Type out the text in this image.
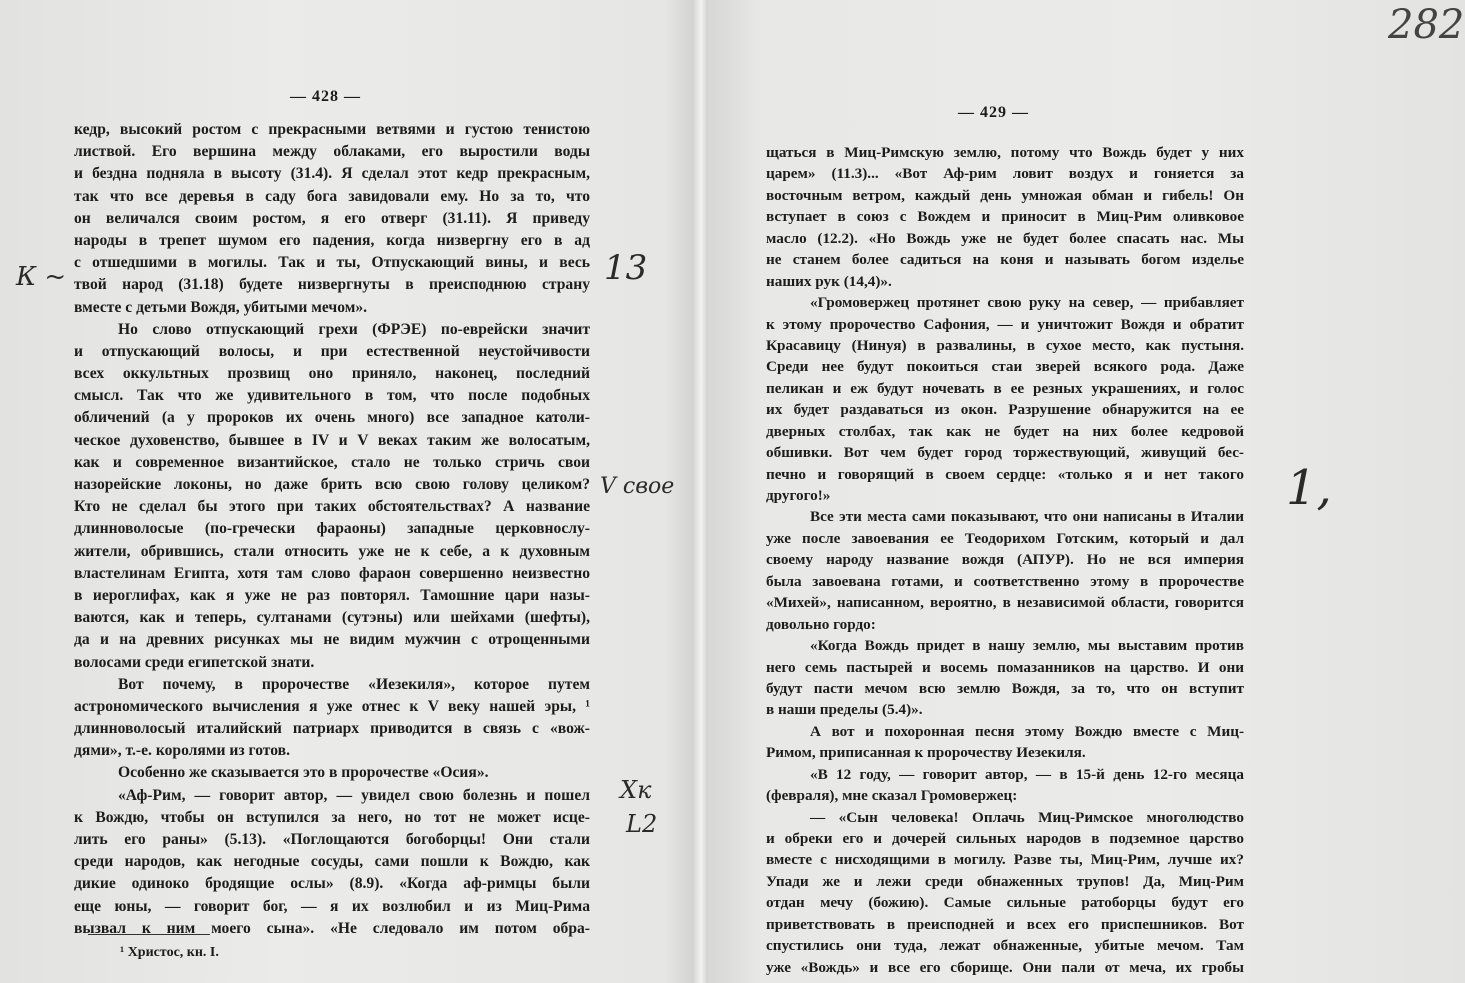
— 428 —
— 429 —
кедр, высокий ростом с прекрасными ветвями и густою тенистою
листвой. Его вершина между облаками, его выростили воды
и бездна подняла в высоту (31.4). Я сделал этот кедр прекрасным,
так что все деревья в саду бога завидовали ему. Но за то, что
он величался своим ростом, я его отверг (31.11). Я приведу
народы в трепет шумом его падения, когда низвергну его в ад
с отшедшими в могилы. Так и ты, Отпускающий вины, и весь
твой народ (31.18) будете низвергнуты в преисподнюю страну
вместе с детьми Вождя, убитыми мечом».
Но слово отпускающий грехи (ФРЭЕ) по-еврейски значит
и отпускающий волосы, и при естественной неустойчивости
всех оккультных прозвищ оно приняло, наконец, последний
смысл. Так что же удивительного в том, что после подобных
обличений (а у пророков их очень много) все западное католи-
ческое духовенство, бывшее в IV и V веках таким же волосатым,
как и современное византийское, стало не только стричь свои
назорейские локоны, но даже брить всю свою голову целиком?
Кто не сделал бы этого при таких обстоятельствах? А название
длинноволосые (по-гречески фараоны) западные церковнослу-
жители, обрившись, стали относить уже не к себе, а к духовным
властелинам Египта, хотя там слово фараон совершенно неизвестно
в иероглифах, как я уже не раз повторял. Тамошние цари назы-
ваются, как и теперь, султанами (сутэны) или шейхами (шефты),
да и на древних рисунках мы не видим мужчин с отрощенными
волосами среди египетской знати.
Вот почему, в пророчестве «Иезекиля», которое путем
астрономического вычисления я уже отнес к V веку нашей эры, ¹
длинноволосый италийский патриарх приводится в связь с «вож-
дями», т.-е. королями из готов.
Особенно же сказывается это в пророчестве «Осия».
«Аф-Рим, — говорит автор, — увидел свою болезнь и пошел
к Вождю, чтобы он вступился за него, но тот не может исце-
лить его раны» (5.13). «Поглощаются богоборцы! Они стали
среди народов, как негодные сосуды, сами пошли к Вождю, как
дикие одиноко бродящие ослы» (8.9). «Когда аф-римцы были
еще юны, — говорит бог, — я их возлюбил и из Миц-Рима
вызвал к ним моего сына». «Не следовало им потом обра-
щаться в Миц-Римскую землю, потому что Вождь будет у них
царем» (11.3)... «Вот Аф-рим ловит воздух и гоняется за
восточным ветром, каждый день умножая обман и гибель! Он
вступает в союз с Вождем и приносит в Миц-Рим оливковое
масло (12.2). «Но Вождь уже не будет более спасать нас. Мы
не станем более садиться на коня и называть богом изделье
наших рук (14,4)».
«Громовержец протянет свою руку на север, — прибавляет
к этому пророчество Сафония, — и уничтожит Вождя и обратит
Красавицу (Нинуя) в развалины, в сухое место, как пустыня.
Среди нее будут покоиться стаи зверей всякого рода. Даже
пеликан и еж будут ночевать в ее резных украшениях, и голос
их будет раздаваться из окон. Разрушение обнаружится на ее
дверных столбах, так как не будет на них более кедровой
обшивки. Вот чем будет город торжествующий, живущий бес-
печно и говорящий в своем сердце: «только я и нет такого
другого!»
Все эти места сами показывают, что они написаны в Италии
уже после завоевания ее Теодорихом Готским, который и дал
своему народу название вождя (АПУР). Но не вся империя
была завоевана готами, и соответственно этому в пророчестве
«Михей», написанном, вероятно, в независимой области, говорится
довольно гордо:
«Когда Вождь придет в нашу землю, мы выставим против
него семь пастырей и восемь помазанников на царство. И они
будут пасти мечом всю землю Вождя, за то, что он вступит
в наши пределы (5.4)».
А вот и похоронная песня этому Вождю вместе с Миц-
Римом, приписанная к пророчеству Иезекиля.
«В 12 году, — говорит автор, — в 15-й день 12-го месяца
(февраля), мне сказал Громовержец:
— «Сын человека! Оплачь Миц-Римское многолюдство
и обреки его и дочерей сильных народов в подземное царство
вместе с нисходящими в могилу. Разве ты, Миц-Рим, лучше их?
Упади же и лежи среди обнаженных трупов! Да, Миц-Рим
отдан мечу (божию). Самые сильные ратоборцы будут его
приветствовать в преисподней и всех его приспешников. Вот
спустились они туда, лежат обнаженные, убитые мечом. Там
уже «Вождь» и все его сборище. Они пали от меча, их гробы
¹ Христос, кн. I.
282
К ~	13
V своe
Хк
L2
1,
